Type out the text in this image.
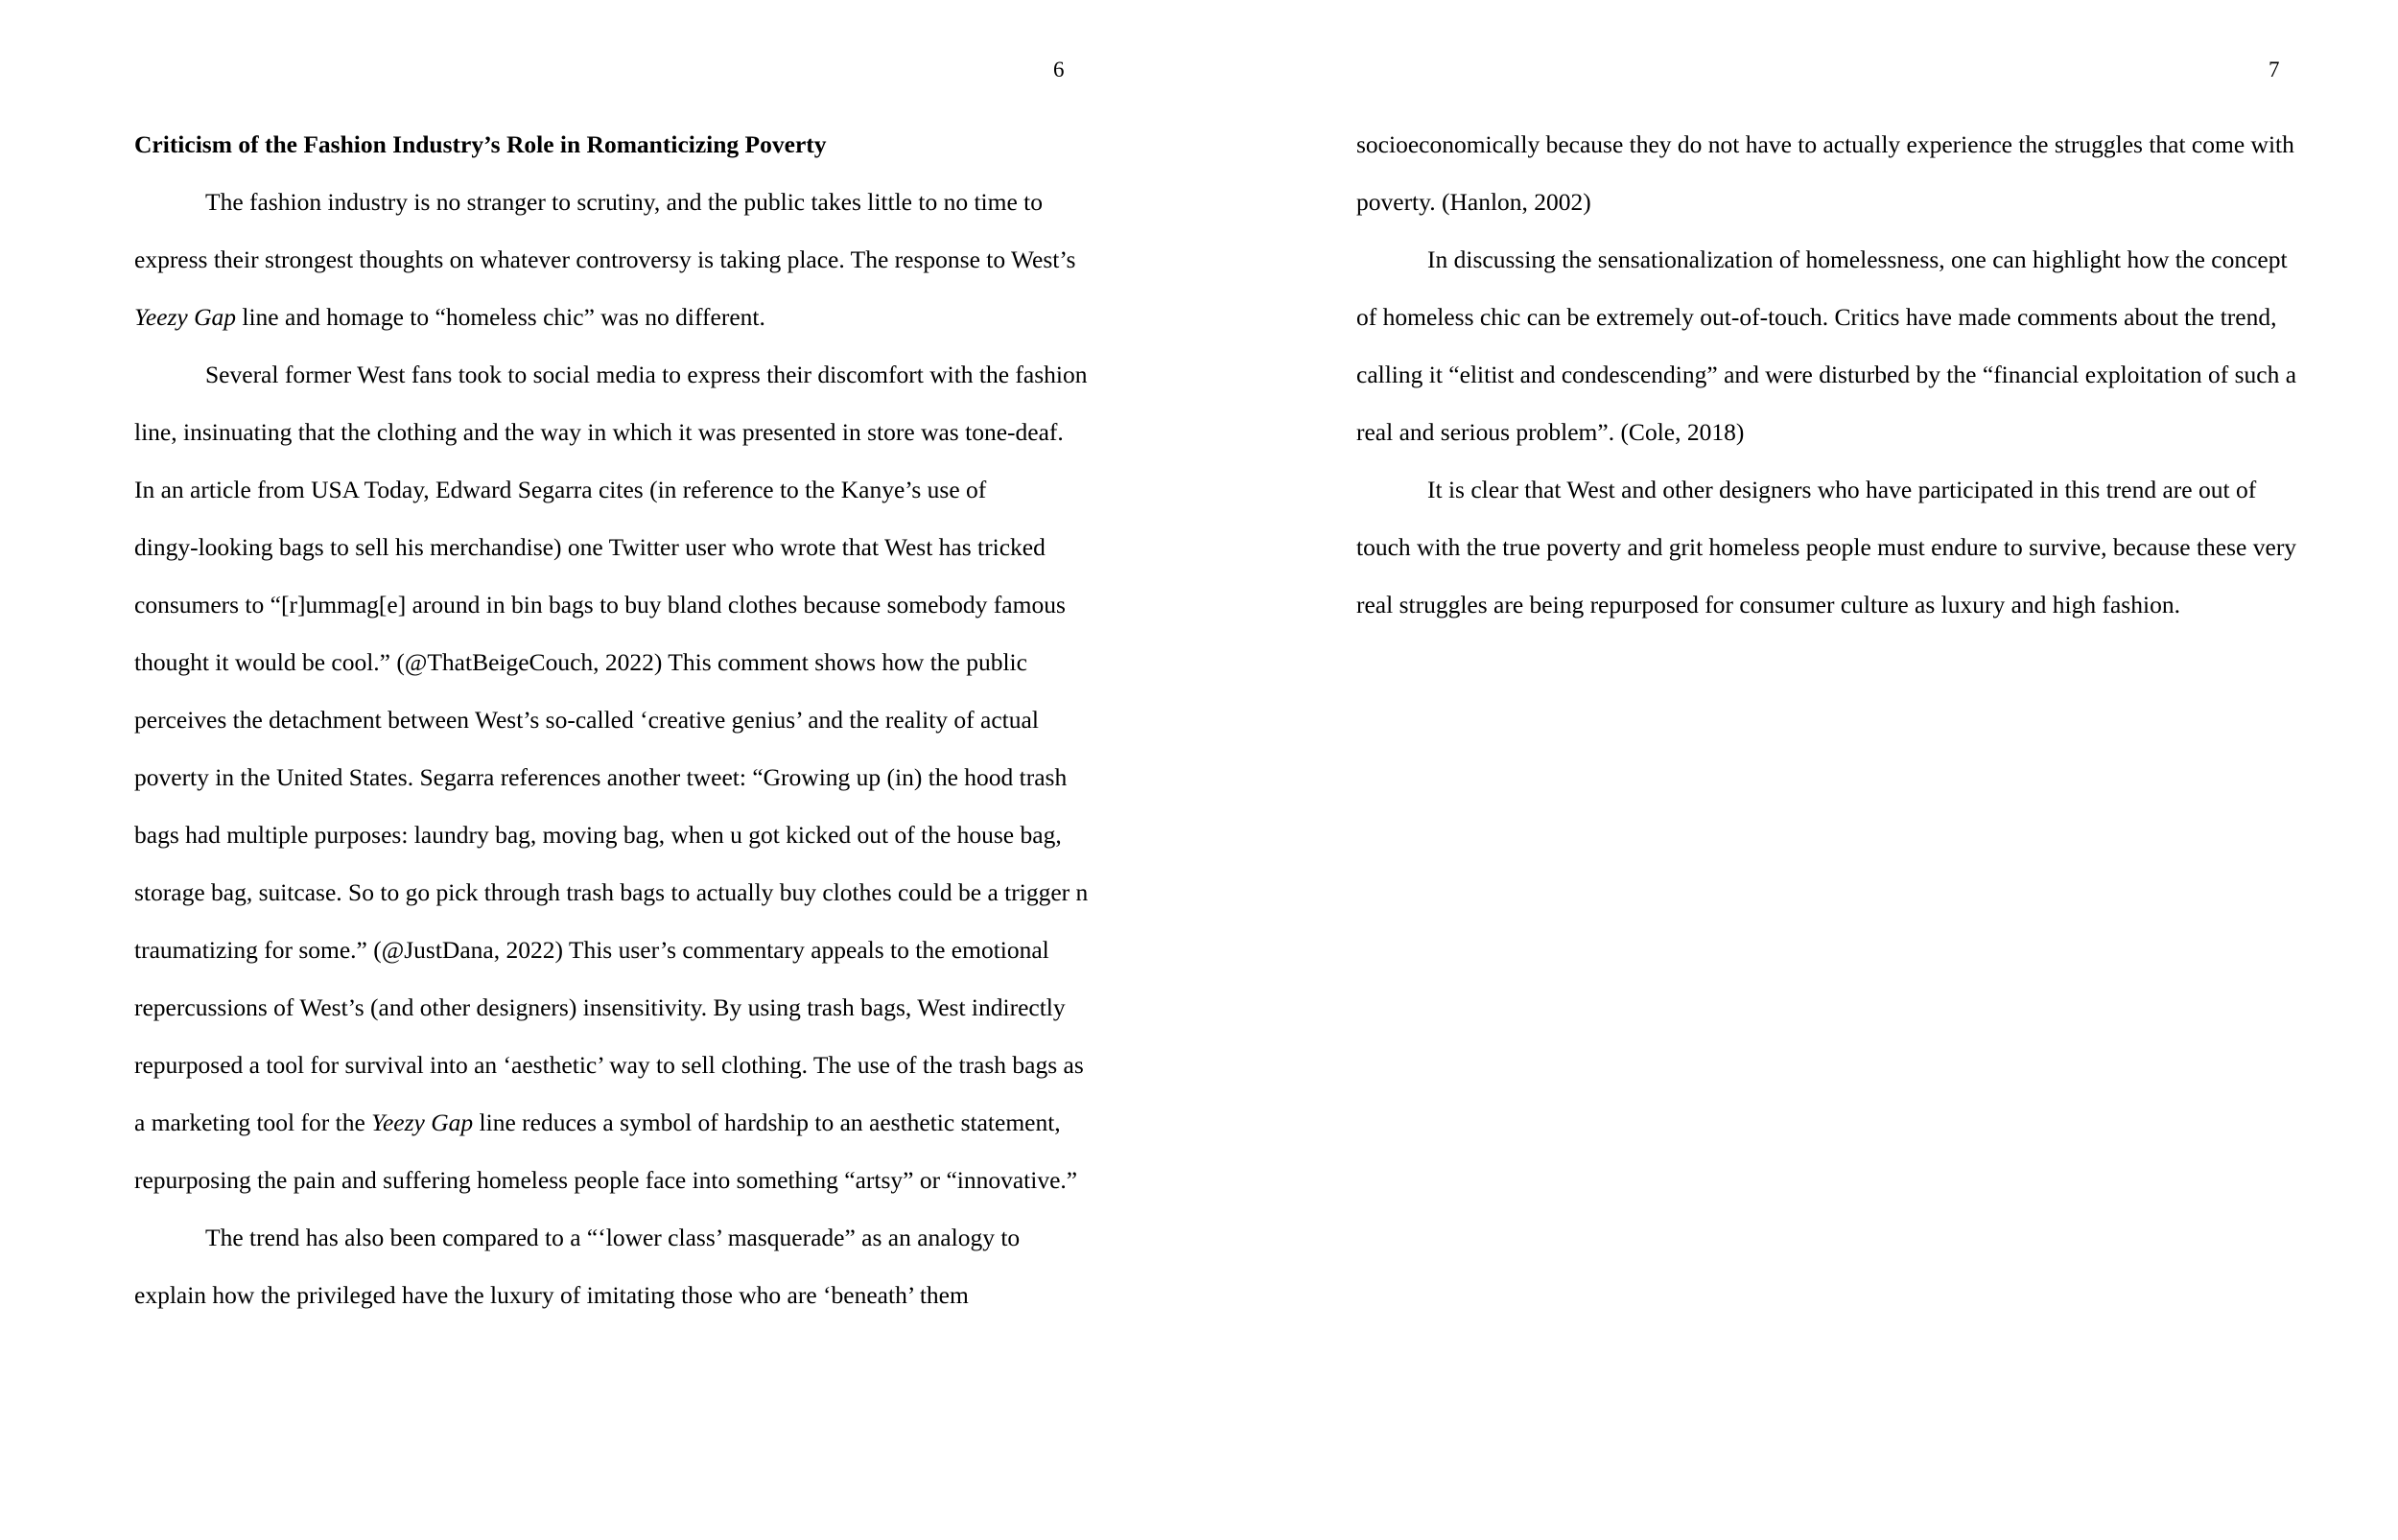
6
Criticism of the Fashion Industry’s Role in Romanticizing Poverty
The fashion industry is no stranger to scrutiny, and the public takes little to no time to
express their strongest thoughts on whatever controversy is taking place. The response to West’s
Yeezy Gap line and homage to “homeless chic” was no different.
Several former West fans took to social media to express their discomfort with the fashion
line, insinuating that the clothing and the way in which it was presented in store was tone-deaf.
In an article from USA Today, Edward Segarra cites (in reference to the Kanye’s use of
dingy-looking bags to sell his merchandise) one Twitter user who wrote that West has tricked
consumers to “[r]ummag[e] around in bin bags to buy bland clothes because somebody famous
thought it would be cool.” (@ThatBeigeCouch, 2022) This comment shows how the public
perceives the detachment between West’s so-called ‘creative genius’ and the reality of actual
poverty in the United States. Segarra references another tweet: “Growing up (in) the hood trash
bags had multiple purposes: laundry bag, moving bag, when u got kicked out of the house bag,
storage bag, suitcase. So to go pick through trash bags to actually buy clothes could be a trigger n
traumatizing for some.” (@JustDana, 2022) This user’s commentary appeals to the emotional
repercussions of West’s (and other designers) insensitivity. By using trash bags, West indirectly
repurposed a tool for survival into an ‘aesthetic’ way to sell clothing. The use of the trash bags as
a marketing tool for the Yeezy Gap line reduces a symbol of hardship to an aesthetic statement,
repurposing the pain and suffering homeless people face into something “artsy” or “innovative.”
The trend has also been compared to a “‘lower class’ masquerade” as an analogy to
explain how the privileged have the luxury of imitating those who are ‘beneath’ them
7
socioeconomically because they do not have to actually experience the struggles that come with
poverty. (Hanlon, 2002)
In discussing the sensationalization of homelessness, one can highlight how the concept
of homeless chic can be extremely out-of-touch. Critics have made comments about the trend,
calling it “elitist and condescending” and were disturbed by the “financial exploitation of such a
real and serious problem”. (Cole, 2018)
It is clear that West and other designers who have participated in this trend are out of
touch with the true poverty and grit homeless people must endure to survive, because these very
real struggles are being repurposed for consumer culture as luxury and high fashion.
